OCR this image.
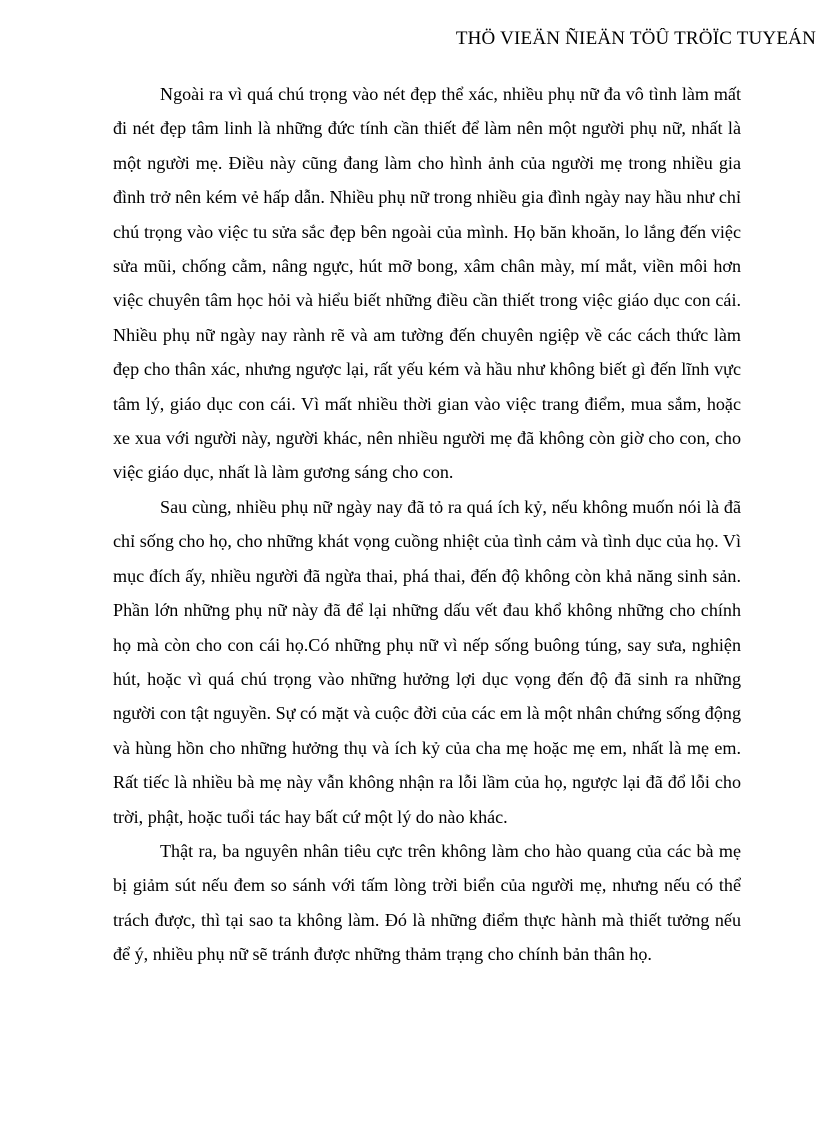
THÖ VIEÄN ÑIEÄN TÖÛ TRÖÏC TUYEÁN

Ngoài ra vì quá chú trọng vào nét đẹp thể xác, nhiều phụ nữ đa vô tình làm mất đi nét đẹp tâm linh là những đức tính cần thiết để làm nên một người phụ nữ, nhất là một người mẹ. Điều này cũng đang làm cho hình ảnh của người mẹ trong nhiều gia đình trở nên kém vẻ hấp dẫn. Nhiều phụ nữ trong nhiều gia đình ngày nay hầu như chỉ chú trọng vào việc tu sửa sắc đẹp bên ngoài của mình. Họ băn khoăn, lo lắng đến việc sửa mũi, chống cằm, nâng ngực, hút mỡ bong, xâm chân mày, mí mắt, viền môi hơn việc chuyên tâm học hỏi và hiểu biết những điều cần thiết trong việc giáo dục con cái. Nhiều phụ nữ ngày nay rành rẽ và am tường đến chuyên ngiệp về các cách thức làm đẹp cho thân xác, nhưng ngược lại, rất yếu kém và hầu như không biết gì đến lĩnh vực tâm lý, giáo dục con cái. Vì mất nhiều thời gian vào việc trang điểm, mua sắm, hoặc xe xua với người này, người khác, nên nhiều người mẹ đã không còn giờ cho con, cho việc giáo dục, nhất là làm gương sáng cho con.

Sau cùng, nhiều phụ nữ ngày nay đã tỏ ra quá ích kỷ, nếu không muốn nói là đã chỉ sống cho họ, cho những khát vọng cuồng nhiệt của tình cảm và tình dục của họ. Vì mục đích ấy, nhiều người đã ngừa thai, phá thai, đến độ không còn khả năng sinh sản. Phần lớn những phụ nữ này đã để lại những dấu vết đau khổ không những cho chính họ mà còn cho con cái họ.Có những phụ nữ vì nếp sống buông túng, say sưa, nghiện hút, hoặc vì quá chú trọng vào những hưởng lợi dục vọng đến độ đã sinh ra những người con tật nguyền. Sự có mặt và cuộc đời của các em là một nhân chứng sống động và hùng hồn cho những hưởng thụ và ích kỷ của cha mẹ hoặc mẹ em, nhất là mẹ em. Rất tiếc là nhiều bà mẹ này vẫn không nhận ra lỗi lầm của họ, ngược lại đã đổ lỗi cho trời, phật, hoặc tuổi tác hay bất cứ một lý do nào khác.

Thật ra, ba nguyên nhân tiêu cực trên không làm cho hào quang của các bà mẹ bị giảm sút nếu đem so sánh với tấm lòng trời biển của người mẹ, nhưng nếu có thể trách được, thì tại sao ta không làm. Đó là những điểm thực hành mà thiết tưởng nếu để ý, nhiều phụ nữ sẽ tránh được những thảm trạng cho chính bản thân họ.
